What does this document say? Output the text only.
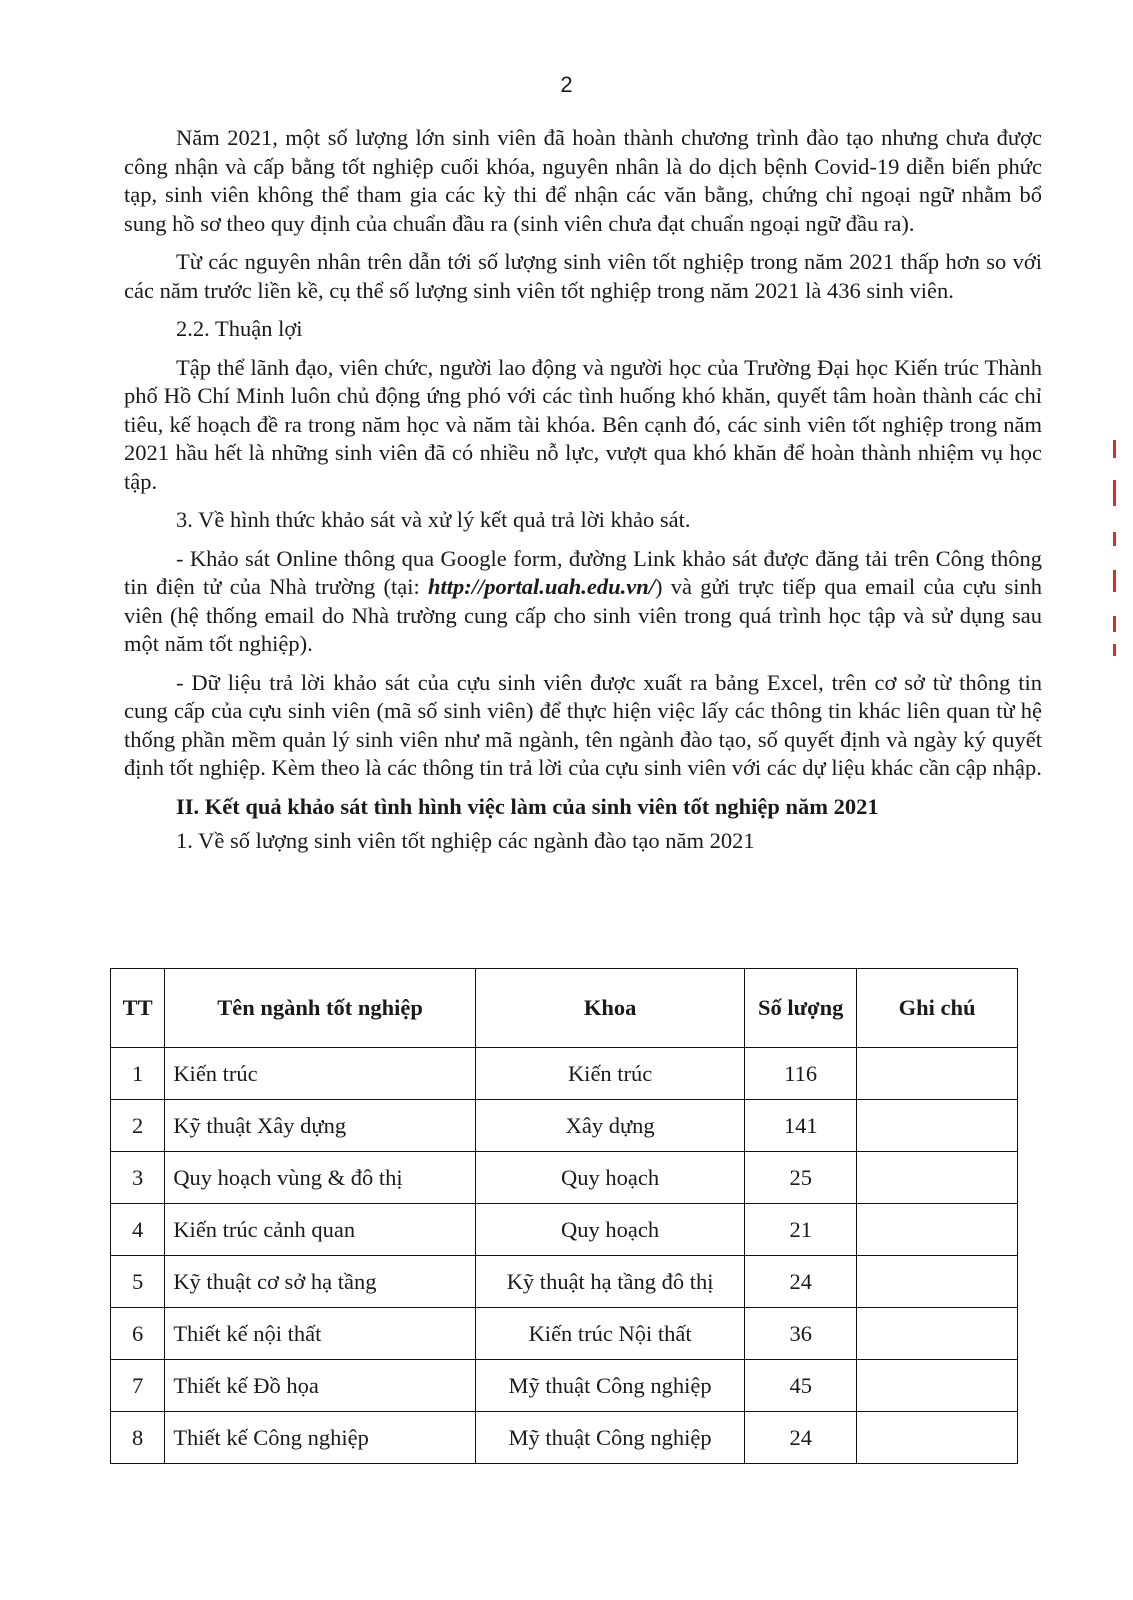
2

Năm 2021, một số lượng lớn sinh viên đã hoàn thành chương trình đào tạo nhưng chưa được công nhận và cấp bằng tốt nghiệp cuối khóa, nguyên nhân là do dịch bệnh Covid-19 diễn biến phức tạp, sinh viên không thể tham gia các kỳ thi để nhận các văn bằng, chứng chỉ ngoại ngữ nhằm bổ sung hồ sơ theo quy định của chuẩn đầu ra (sinh viên chưa đạt chuẩn ngoại ngữ đầu ra).

Từ các nguyên nhân trên dẫn tới số lượng sinh viên tốt nghiệp trong năm 2021 thấp hơn so với các năm trước liền kề, cụ thể số lượng sinh viên tốt nghiệp trong năm 2021 là 436 sinh viên.

2.2. Thuận lợi

Tập thể lãnh đạo, viên chức, người lao động và người học của Trường Đại học Kiến trúc Thành phố Hồ Chí Minh luôn chủ động ứng phó với các tình huống khó khăn, quyết tâm hoàn thành các chỉ tiêu, kế hoạch đề ra trong năm học và năm tài khóa. Bên cạnh đó, các sinh viên tốt nghiệp trong năm 2021 hầu hết là những sinh viên đã có nhiều nỗ lực, vượt qua khó khăn để hoàn thành nhiệm vụ học tập.

3. Về hình thức khảo sát và xử lý kết quả trả lời khảo sát.

- Khảo sát Online thông qua Google form, đường Link khảo sát được đăng tải trên Công thông tin điện tử của Nhà trường (tại: http://portal.uah.edu.vn/) và gửi trực tiếp qua email của cựu sinh viên (hệ thống email do Nhà trường cung cấp cho sinh viên trong quá trình học tập và sử dụng sau một năm tốt nghiệp).

- Dữ liệu trả lời khảo sát của cựu sinh viên được xuất ra bảng Excel, trên cơ sở từ thông tin cung cấp của cựu sinh viên (mã số sinh viên) để thực hiện việc lấy các thông tin khác liên quan từ hệ thống phần mềm quản lý sinh viên như mã ngành, tên ngành đào tạo, số quyết định và ngày ký quyết định tốt nghiệp. Kèm theo là các thông tin trả lời của cựu sinh viên với các dự liệu khác cần cập nhập.

II. Kết quả khảo sát tình hình việc làm của sinh viên tốt nghiệp năm 2021

1. Về số lượng sinh viên tốt nghiệp các ngành đào tạo năm 2021

TT	Tên ngành tốt nghiệp	Khoa	Số lượng	Ghi chú
1	Kiến trúc	Kiến trúc	116	
2	Kỹ thuật Xây dựng	Xây dựng	141	
3	Quy hoạch vùng & đô thị	Quy hoạch	25	
4	Kiến trúc cảnh quan	Quy hoạch	21	
5	Kỹ thuật cơ sở hạ tầng	Kỹ thuật hạ tầng đô thị	24	
6	Thiết kế nội thất	Kiến trúc Nội thất	36	
7	Thiết kế Đồ họa	Mỹ thuật Công nghiệp	45	
8	Thiết kế Công nghiệp	Mỹ thuật Công nghiệp	24	
